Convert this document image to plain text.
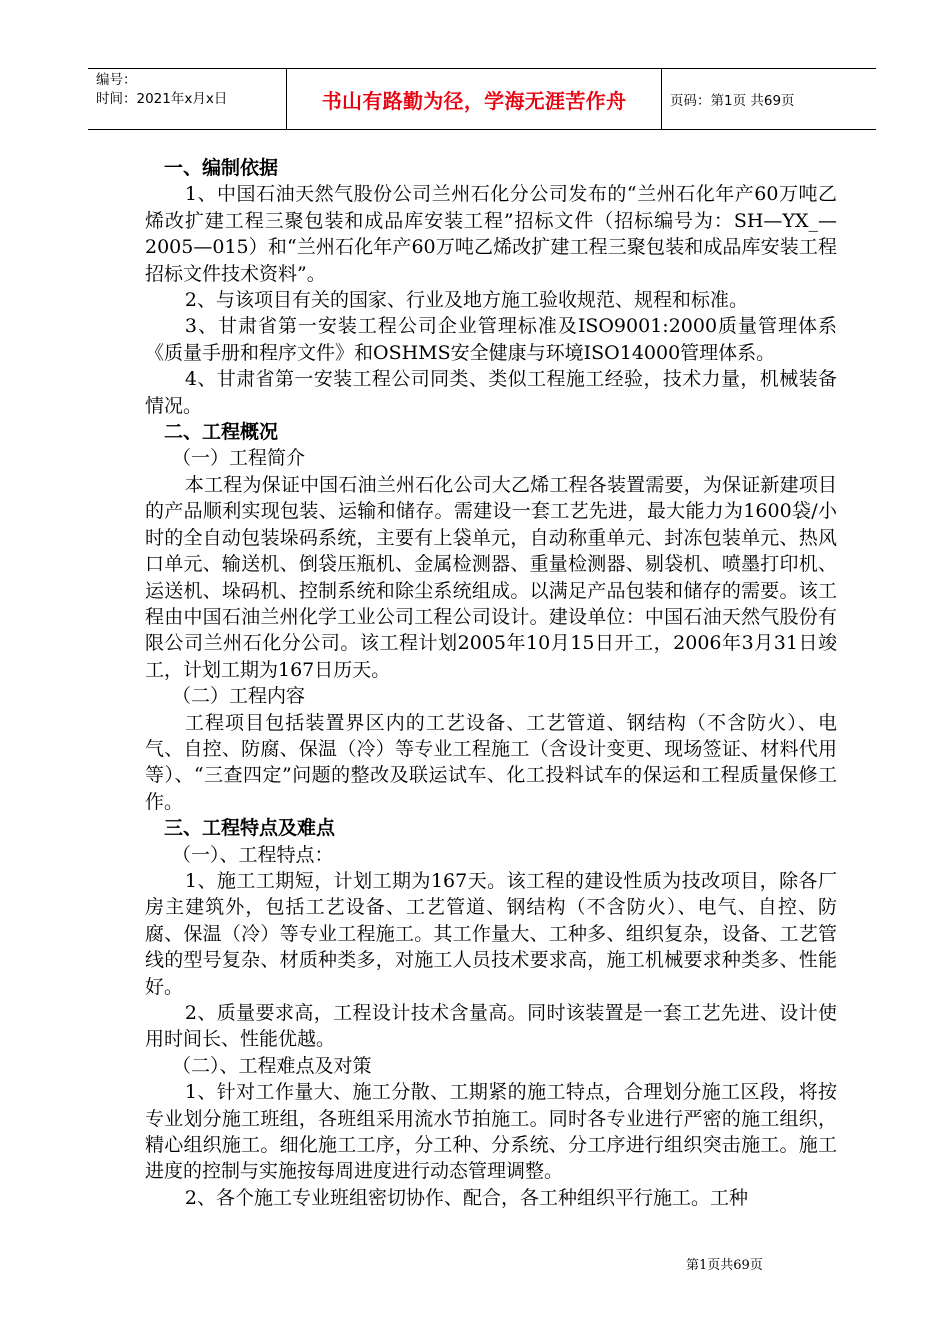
编号：
时间：2021年x月x日	书山有路勤为径，学海无涯苦作舟	页码：第1页 共69页

一、编制依据

1、中国石油天然气股份公司兰州石化分公司发布的“兰州石化年产60万吨乙烯改扩建工程三聚包装和成品库安装工程”招标文件（招标编号为：SH—YX_—2005—015）和“兰州石化年产60万吨乙烯改扩建工程三聚包装和成品库安装工程招标文件技术资料”。

2、与该项目有关的国家、行业及地方施工验收规范、规程和标准。

3、甘肃省第一安装工程公司企业管理标准及ISO9001:2000质量管理体系《质量手册和程序文件》和OSHMS安全健康与环境ISO14000管理体系。

4、甘肃省第一安装工程公司同类、类似工程施工经验，技术力量，机械装备情况。

二、工程概况

（一）工程简介

本工程为保证中国石油兰州石化公司大乙烯工程各装置需要，为保证新建项目的产品顺利实现包装、运输和储存。需建设一套工艺先进，最大能力为1600袋/小时的全自动包装垛码系统，主要有上袋单元，自动称重单元、封冻包装单元、热风口单元、输送机、倒袋压瓶机、金属检测器、重量检测器、剔袋机、喷墨打印机、运送机、垛码机、控制系统和除尘系统组成。以满足产品包装和储存的需要。该工程由中国石油兰州化学工业公司工程公司设计。建设单位：中国石油天然气股份有限公司兰州石化分公司。该工程计划2005年10月15日开工，2006年3月31日竣工，计划工期为167日历天。

（二）工程内容

工程项目包括装置界区内的工艺设备、工艺管道、钢结构（不含防火）、电气、自控、防腐、保温（冷）等专业工程施工（含设计变更、现场签证、材料代用等）、“三查四定”问题的整改及联运试车、化工投料试车的保运和工程质量保修工作。

三、工程特点及难点

（一）、工程特点：

1、施工工期短，计划工期为167天。该工程的建设性质为技改项目，除各厂房主建筑外，包括工艺设备、工艺管道、钢结构（不含防火）、电气、自控、防腐、保温（冷）等专业工程施工。其工作量大、工种多、组织复杂，设备、工艺管线的型号复杂、材质种类多，对施工人员技术要求高，施工机械要求种类多、性能好。

2、质量要求高，工程设计技术含量高。同时该装置是一套工艺先进、设计使用时间长、性能优越。

（二）、工程难点及对策

1、针对工作量大、施工分散、工期紧的施工特点，合理划分施工区段，将按专业划分施工班组，各班组采用流水节拍施工。同时各专业进行严密的施工组织，精心组织施工。细化施工工序，分工种、分系统、分工序进行组织突击施工。施工进度的控制与实施按每周进度进行动态管理调整。

2、各个施工专业班组密切协作、配合，各工种组织平行施工。工种

第1页共69页
